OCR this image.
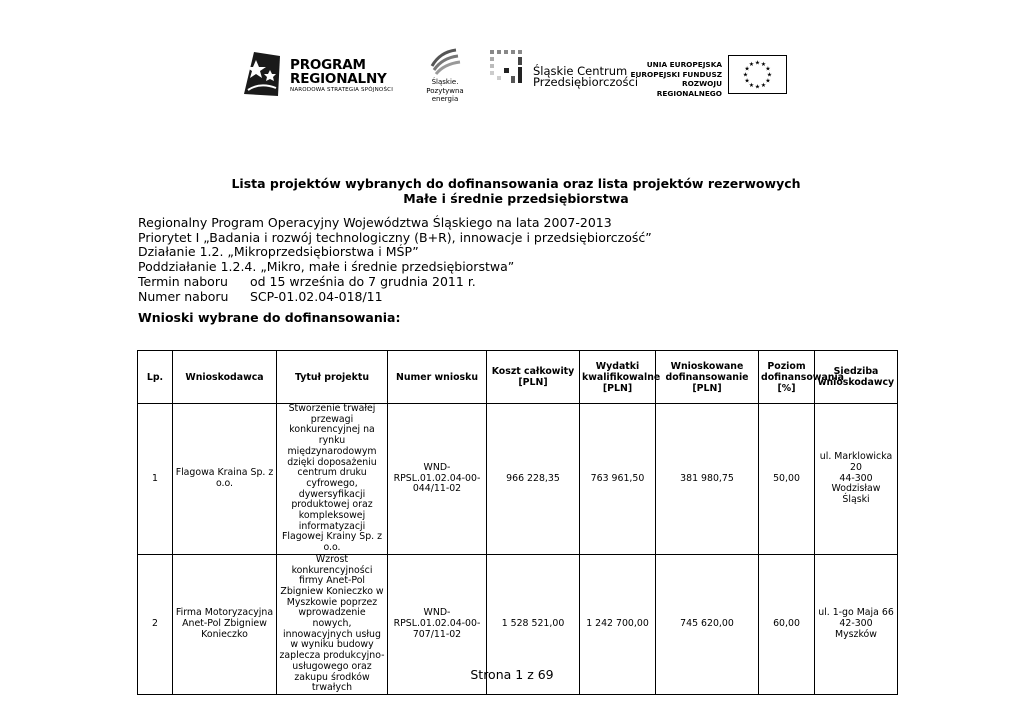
PROGRAM
REGIONALNY
NARODOWA STRATEGIA SPÓJNOŚCI
Śląskie.
Pozytywna energia
Śląskie Centrum
Przedsiębiorczości
UNIA EUROPEJSKA
EUROPEJSKI FUNDUSZ
ROZWOJU REGIONALNEGO
★ ★
★
★
★
★
★
★
★
★
★
★
Lista projektów wybranych do dofinansowania oraz lista projektów rezerwowych
Małe i średnie przedsiębiorstwa
Regionalny Program Operacyjny Województwa Śląskiego na lata 2007-2013
Priorytet I „Badania i rozwój technologiczny (B+R), innowacje i przedsiębiorczość”
Działanie 1.2. „Mikroprzedsiębiorstwa i MŚP”
Poddziałanie 1.2.4. „Mikro, małe i średnie przedsiębiorstwa”
Termin naboru od 15 września do 7 grudnia 2011 r.
Numer naboru SCP-01.02.04-018/11
Wnioski wybrane do dofinansowania:
Lp.	Wnioskodawca	Tytuł projektu	Numer wniosku	Koszt całkowity [PLN]	Wydatki kwalifikowalne [PLN]	Wnioskowane dofinansowanie [PLN]	Poziom dofinansowania [%]	Siedziba wnioskodawcy
1	Flagowa Kraina Sp. z o.o.	Stworzenie trwałej przewagi konkurencyjnej na rynku międzynarodowym dzięki doposażeniu centrum druku cyfrowego, dywersyfikacji produktowej oraz kompleksowej informatyzacji Flagowej Krainy Sp. z o.o.	WND-RPSL.01.02.04-00-044/11-02	966 228,35	763 961,50	381 980,75	50,00	ul. Marklowicka
20
44-300
Wodzisław Śląski

2	Firma Motoryzacyjna Anet-Pol Zbigniew Konieczko	Wzrost konkurencyjności firmy Anet-Pol Zbigniew Konieczko w Myszkowie poprzez wprowadzenie nowych, innowacyjnych usług w wyniku budowy zaplecza produkcyjno-usługowego oraz zakupu środków trwałych	WND-RPSL.01.02.04-00-707/11-02	1 528 521,00	1 242 700,00	745 620,00	60,00	ul. 1-go Maja 66
42-300 Myszków
Strona 1 z 69
